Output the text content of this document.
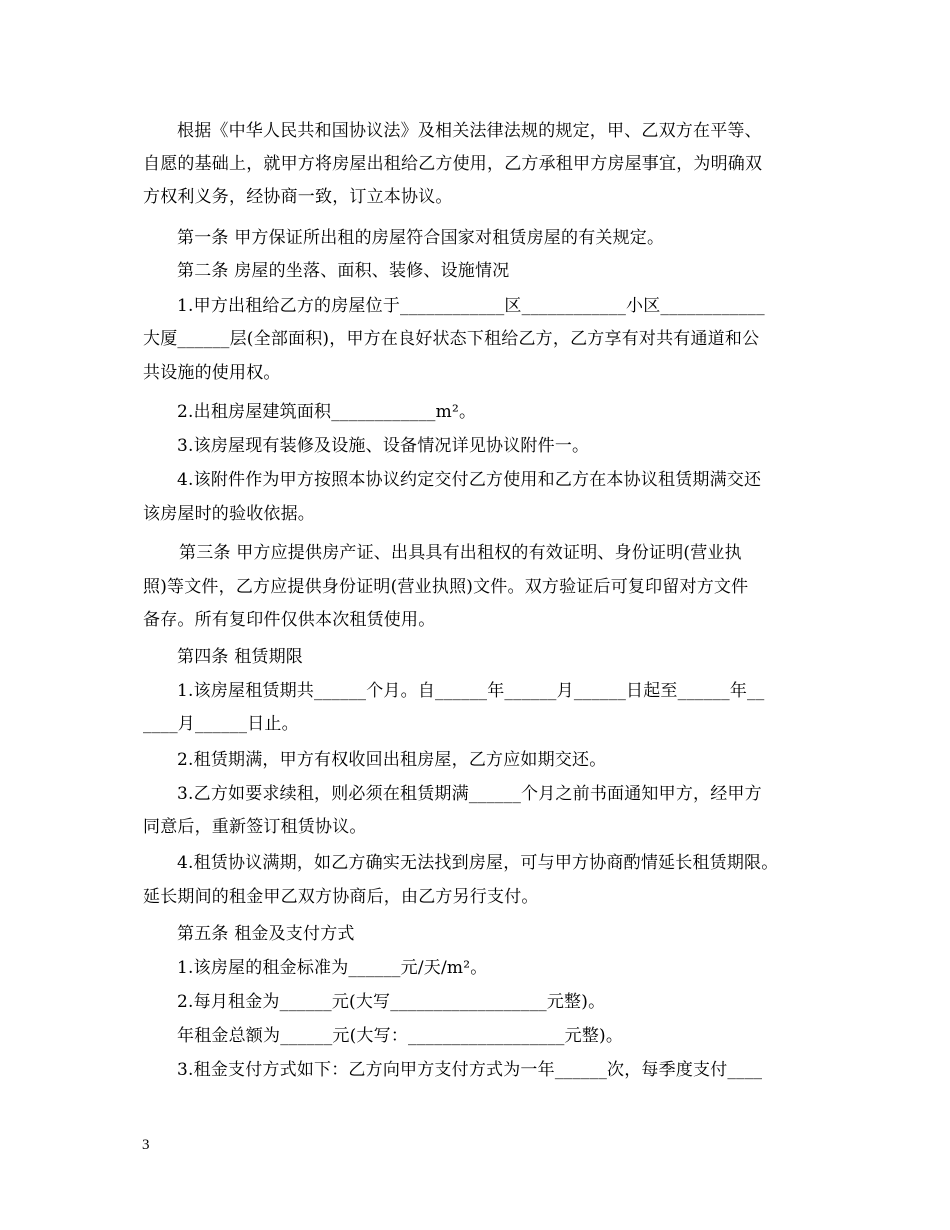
根据《中华人民共和国协议法》及相关法律法规的规定，甲、乙双方在平等、
自愿的基础上，就甲方将房屋出租给乙方使用，乙方承租甲方房屋事宜，为明确双
方权利义务，经协商一致，订立本协议。
第一条 甲方保证所出租的房屋符合国家对租赁房屋的有关规定。
第二条 房屋的坐落、面积、装修、设施情况
1.甲方出租给乙方的房屋位于____________区____________小区____________
大厦______层(全部面积)，甲方在良好状态下租给乙方，乙方享有对共有通道和公
共设施的使用权。
2.出租房屋建筑面积____________m²。
3.该房屋现有装修及设施、设备情况详见协议附件一。
4.该附件作为甲方按照本协议约定交付乙方使用和乙方在本协议租赁期满交还
该房屋时的验收依据。
第三条 甲方应提供房产证、出具具有出租权的有效证明、身份证明(营业执
照)等文件，乙方应提供身份证明(营业执照)文件。双方验证后可复印留对方文件
备存。所有复印件仅供本次租赁使用。
第四条 租赁期限
1.该房屋租赁期共______个月。自______年______月______日起至______年__
____月______日止。
2.租赁期满，甲方有权收回出租房屋，乙方应如期交还。
3.乙方如要求续租，则必须在租赁期满______个月之前书面通知甲方，经甲方
同意后，重新签订租赁协议。
4.租赁协议满期，如乙方确实无法找到房屋，可与甲方协商酌情延长租赁期限。
延长期间的租金甲乙双方协商后，由乙方另行支付。
第五条 租金及支付方式
1.该房屋的租金标准为______元/天/m²。
2.每月租金为______元(大写__________________元整)。
年租金总额为______元(大写：__________________元整)。
3.租金支付方式如下：乙方向甲方支付方式为一年______次，每季度支付____
3
